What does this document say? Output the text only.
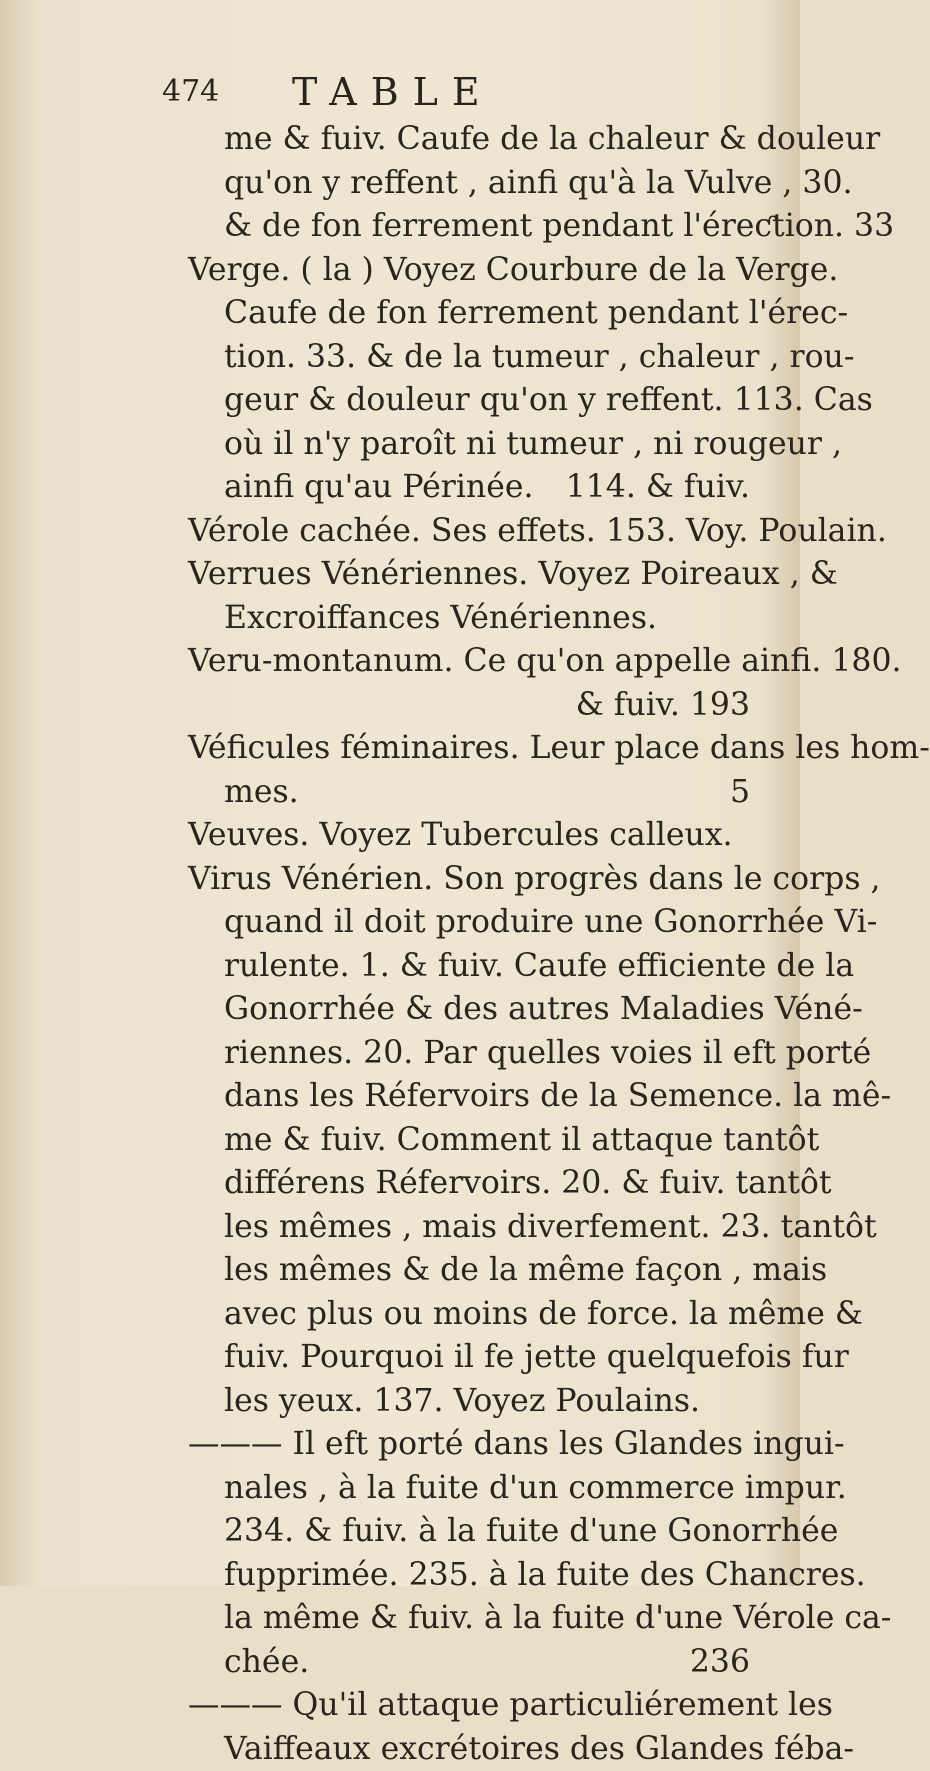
474 TABLE
me & fuiv. Caufe de la chaleur & douleur
qu'on y reffent , ainfi qu'à la Vulve , 30.
& de fon ferrement pendant l'éreƈtion. 33
Verge. ( la ) Voyez Courbure de la Verge.
Caufe de fon ferrement pendant l'érec-
tion. 33. & de la tumeur , chaleur , rou-
geur & douleur qu'on y reffent. 113. Cas
où il n'y paroît ni tumeur , ni rougeur ,
ainfi qu'au Périnée. 114. & fuiv.
Vérole cachée. Ses effets. 153. Voy. Poulain.
Verrues Vénériennes. Voyez Poireaux , &
Excroiffances Vénériennes.
Veru-montanum. Ce qu'on appelle ainfi. 180.
& fuiv. 193
Véficules féminaires. Leur place dans les hom-
mes.	5
Veuves. Voyez Tubercules calleux.
Virus Vénérien. Son progrès dans le corps ,
quand il doit produire une Gonorrhée Vi-
rulente. 1. & fuiv. Caufe efficiente de la
Gonorrhée & des autres Maladies Véné-
riennes. 20. Par quelles voies il eft porté
dans les Réfervoirs de la Semence. la mê-
me & fuiv. Comment il attaque tantôt
différens Réfervoirs. 20. & fuiv. tantôt
les mêmes , mais diverfement. 23. tantôt
les mêmes & de la même façon , mais
avec plus ou moins de force. la même &
fuiv. Pourquoi il fe jette quelquefois fur
les yeux. 137. Voyez Poulains.
——— Il eft porté dans les Glandes ingui-
nales , à la fuite d'un commerce impur.
234. & fuiv. à la fuite d'une Gonorrhée
fupprimée. 235. à la fuite des Chancres.
la même & fuiv. à la fuite d'une Vérole ca-
chée.	236
——— Qu'il attaque particuliérement les
Vaiffeaux excrétoires des Glandes féba-
